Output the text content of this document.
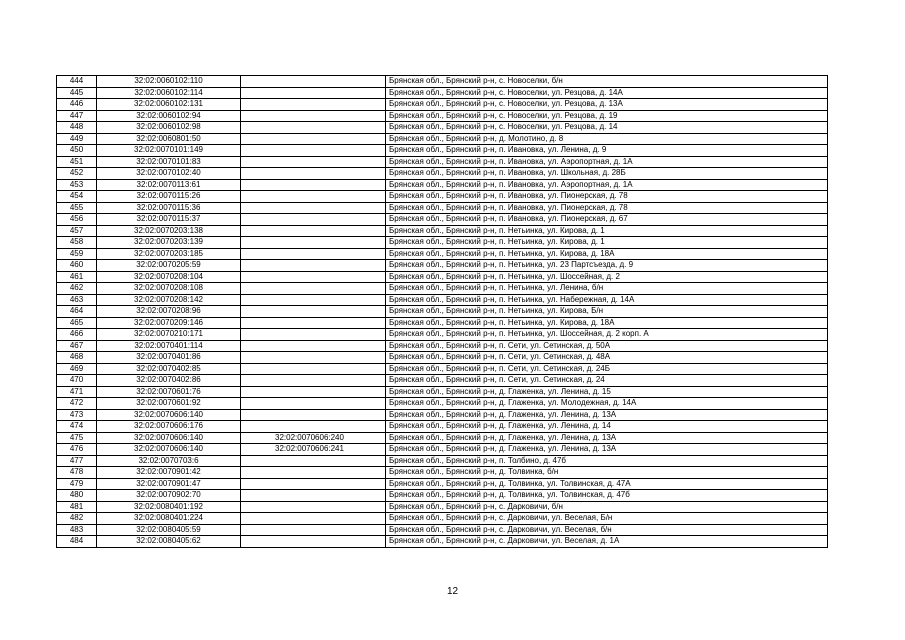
444	32:02:0060102:110		Брянская обл., Брянский р-н, с. Новоселки, б/н
445	32:02:0060102:114		Брянская обл., Брянский р-н, с. Новоселки, ул. Резцова, д. 14А
446	32:02:0060102:131		Брянская обл., Брянский р-н, с. Новоселки, ул. Резцова, д. 13А
447	32:02:0060102:94		Брянская обл., Брянский р-н, с. Новоселки, ул. Резцова, д. 19
448	32:02:0060102:98		Брянская обл., Брянский р-н, с. Новоселки, ул. Резцова, д. 14
449	32:02:0060801:50		Брянская обл., Брянский р-н, д. Молотино, д. 8
450	32:02:0070101:149		Брянская обл., Брянский р-н, п. Ивановка, ул. Ленина, д. 9
451	32:02:0070101:83		Брянская обл., Брянский р-н, п. Ивановка, ул. Аэропортная, д. 1А
452	32:02:0070102:40		Брянская обл., Брянский р-н, п. Ивановка, ул. Школьная, д. 28Б
453	32:02:0070113:61		Брянская обл., Брянский р-н, п. Ивановка, ул. Аэропортная, д. 1А
454	32:02:0070115:26		Брянская обл., Брянский р-н, п. Ивановка, ул. Пионерская, д. 78
455	32:02:0070115:36		Брянская обл., Брянский р-н, п. Ивановка, ул. Пионерская, д. 78
456	32:02:0070115:37		Брянская обл., Брянский р-н, п. Ивановка, ул. Пионерская, д. 67
457	32:02:0070203:138		Брянская обл., Брянский р-н, п. Нетьинка, ул. Кирова, д. 1
458	32:02:0070203:139		Брянская обл., Брянский р-н, п. Нетьинка, ул. Кирова, д. 1
459	32:02:0070203:185		Брянская обл., Брянский р-н, п. Нетьинка, ул. Кирова, д. 18А
460	32:02:0070205:59		Брянская обл., Брянский р-н, п. Нетьинка, ул. 23 Партсъезда, д. 9
461	32:02:0070208:104		Брянская обл., Брянский р-н, п. Нетьинка, ул. Шоссейная, д. 2
462	32:02:0070208:108		Брянская обл., Брянский р-н, п. Нетьинка, ул. Ленина, б/н
463	32:02:0070208:142		Брянская обл., Брянский р-н, п. Нетьинка, ул. Набережная, д. 14А
464	32:02:0070208:96		Брянская обл., Брянский р-н, п. Нетьинка, ул. Кирова, Б/н
465	32:02:0070209:146		Брянская обл., Брянский р-н, п. Нетьинка, ул. Кирова, д. 18А
466	32:02:0070210:171		Брянская обл., Брянский р-н, п. Нетьинка, ул. Шоссейная, д. 2 корп. А
467	32:02:0070401:114		Брянская обл., Брянский р-н, п. Сети, ул. Сетинская, д. 50А
468	32:02:0070401:86		Брянская обл., Брянский р-н, п. Сети, ул. Сетинская, д. 48А
469	32:02:0070402:85		Брянская обл., Брянский р-н, п. Сети, ул. Сетинская, д. 24Б
470	32:02:0070402:86		Брянская обл., Брянский р-н, п. Сети, ул. Сетинская, д. 24
471	32:02:0070601:76		Брянская обл., Брянский р-н, д. Глаженка, ул. Ленина, д. 15
472	32:02:0070601:92		Брянская обл., Брянский р-н, д. Глаженка, ул. Молодежная, д. 14А
473	32:02:0070606:140		Брянская обл., Брянский р-н, д. Глаженка, ул. Ленина, д. 13А
474	32:02:0070606:176		Брянская обл., Брянский р-н, д. Глаженка, ул. Ленина, д. 14
475	32:02:0070606:140	32:02:0070606:240	Брянская обл., Брянский р-н, д. Глаженка, ул. Ленина, д. 13А
476	32:02:0070606:140	32:02:0070606:241	Брянская обл., Брянский р-н, д. Глаженка, ул. Ленина, д. 13А
477	32:02:0070703:6		Брянская обл., Брянский р-н, п. Толбино, д. 47б
478	32:02:0070901:42		Брянская обл., Брянский р-н, д. Толвинка, б/н
479	32:02:0070901:47		Брянская обл., Брянский р-н, д. Толвинка, ул. Толвинская, д. 47А
480	32:02:0070902:70		Брянская обл., Брянский р-н, д. Толвинка, ул. Толвинская, д. 47б
481	32:02:0080401:192		Брянская обл., Брянский р-н, с. Дарковичи, б/н
482	32:02:0080401:224		Брянская обл., Брянский р-н, с. Дарковичи, ул. Веселая, Б/н
483	32:02:0080405:59		Брянская обл., Брянский р-н, с. Дарковичи, ул. Веселая, б/н
484	32:02:0080405:62		Брянская обл., Брянский р-н, с. Дарковичи, ул. Веселая, д. 1А
12
